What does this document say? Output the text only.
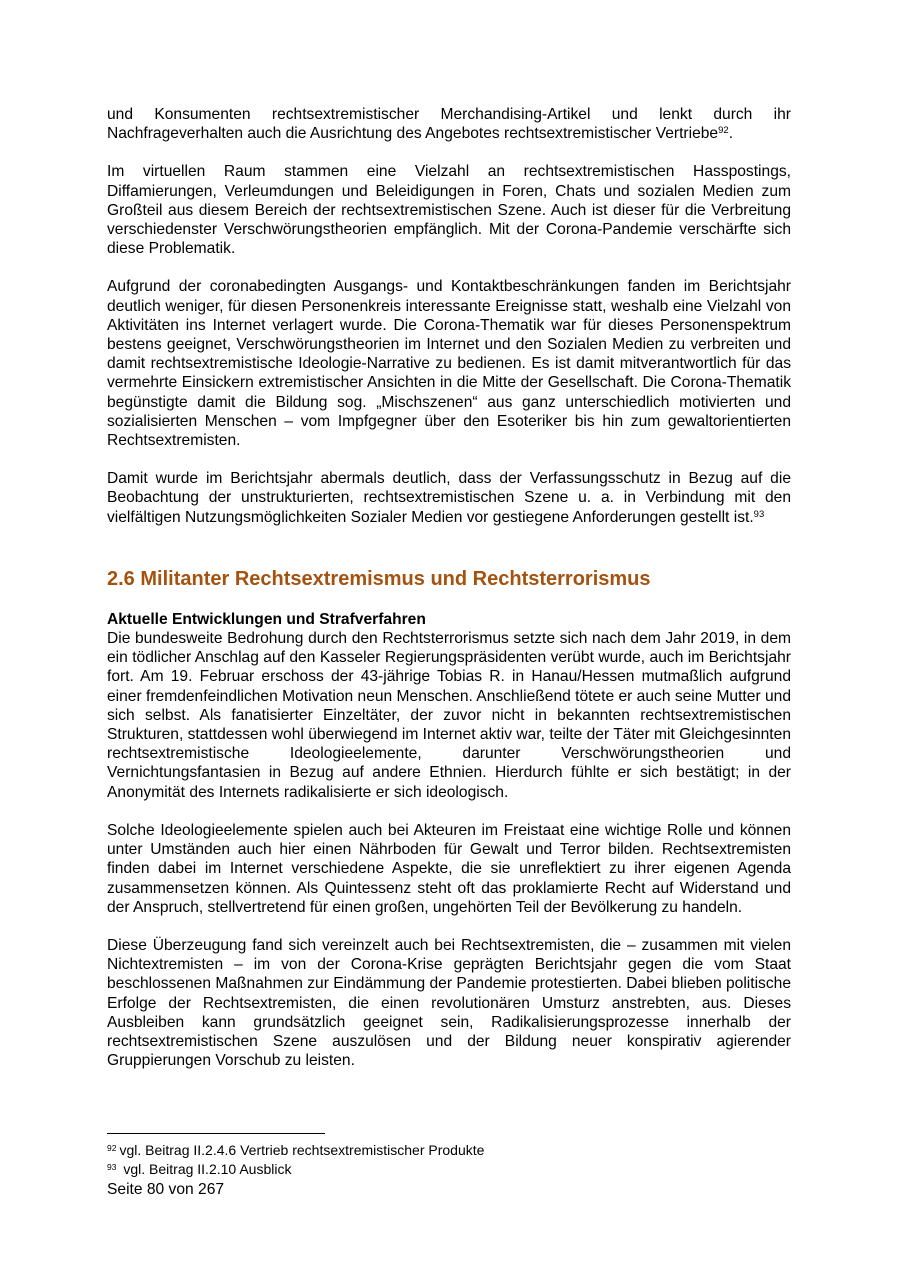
und Konsumenten rechtsextremistischer Merchandising-Artikel und lenkt durch ihr Nachfrageverhalten auch die Ausrichtung des Angebotes rechtsextremistischer Vertriebe$^{92}$.

Im virtuellen Raum stammen eine Vielzahl an rechtsextremistischen Hasspostings, Diffamierungen, Verleumdungen und Beleidigungen in Foren, Chats und sozialen Medien zum Großteil aus diesem Bereich der rechtsextremistischen Szene. Auch ist dieser für die Verbreitung verschiedenster Verschwörungstheorien empfänglich. Mit der Corona-Pandemie verschärfte sich diese Problematik.

Aufgrund der coronabedingten Ausgangs- und Kontaktbeschränkungen fanden im Berichtsjahr deutlich weniger, für diesen Personenkreis interessante Ereignisse statt, weshalb eine Vielzahl von Aktivitäten ins Internet verlagert wurde. Die Corona-Thematik war für dieses Personenspektrum bestens geeignet, Verschwörungstheorien im Internet und den Sozialen Medien zu verbreiten und damit rechtsextremistische Ideologie-Narrative zu bedienen. Es ist damit mitverantwortlich für das vermehrte Einsickern extremistischer Ansichten in die Mitte der Gesellschaft. Die Corona-Thematik begünstigte damit die Bildung sog. „Mischszenen“ aus ganz unterschiedlich motivierten und sozialisierten Menschen – vom Impfgegner über den Esoteriker bis hin zum gewaltorientierten Rechtsextremisten.

Damit wurde im Berichtsjahr abermals deutlich, dass der Verfassungsschutz in Bezug auf die Beobachtung der unstrukturierten, rechtsextremistischen Szene u. a. in Verbindung mit den vielfältigen Nutzungsmöglichkeiten Sozialer Medien vor gestiegene Anforderungen gestellt ist.$^{93}$

2.6 Militanter Rechtsextremismus und Rechtsterrorismus

Aktuelle Entwicklungen und Strafverfahren
Die bundesweite Bedrohung durch den Rechtsterrorismus setzte sich nach dem Jahr 2019, in dem ein tödlicher Anschlag auf den Kasseler Regierungspräsidenten verübt wurde, auch im Berichtsjahr fort. Am 19. Februar erschoss der 43-jährige Tobias R. in Hanau/Hessen mutmaßlich aufgrund einer fremdenfeindlichen Motivation neun Menschen. Anschließend tötete er auch seine Mutter und sich selbst. Als fanatisierter Einzeltäter, der zuvor nicht in bekannten rechtsextremistischen Strukturen, stattdessen wohl überwiegend im Internet aktiv war, teilte der Täter mit Gleichgesinnten rechtsextremistische Ideologieelemente, darunter Verschwörungstheorien und Vernichtungsfantasien in Bezug auf andere Ethnien. Hierdurch fühlte er sich bestätigt; in der Anonymität des Internets radikalisierte er sich ideologisch.

Solche Ideologieelemente spielen auch bei Akteuren im Freistaat eine wichtige Rolle und können unter Umständen auch hier einen Nährboden für Gewalt und Terror bilden. Rechtsextremisten finden dabei im Internet verschiedene Aspekte, die sie unreflektiert zu ihrer eigenen Agenda zusammensetzen können. Als Quintessenz steht oft das proklamierte Recht auf Widerstand und der Anspruch, stellvertretend für einen großen, ungehörten Teil der Bevölkerung zu handeln.

Diese Überzeugung fand sich vereinzelt auch bei Rechtsextremisten, die – zusammen mit vielen Nichtextremisten – im von der Corona-Krise geprägten Berichtsjahr gegen die vom Staat beschlossenen Maßnahmen zur Eindämmung der Pandemie protestierten. Dabei blieben politische Erfolge der Rechtsextremisten, die einen revolutionären Umsturz anstrebten, aus. Dieses Ausbleiben kann grundsätzlich geeignet sein, Radikalisierungsprozesse innerhalb der rechtsextremistischen Szene auszulösen und der Bildung neuer konspirativ agierender Gruppierungen Vorschub zu leisten.

$^{92}$ vgl. Beitrag II.2.4.6 Vertrieb rechtsextremistischer Produkte

$^{93}$ vgl. Beitrag II.2.10 Ausblick

Seite 80 von 267
